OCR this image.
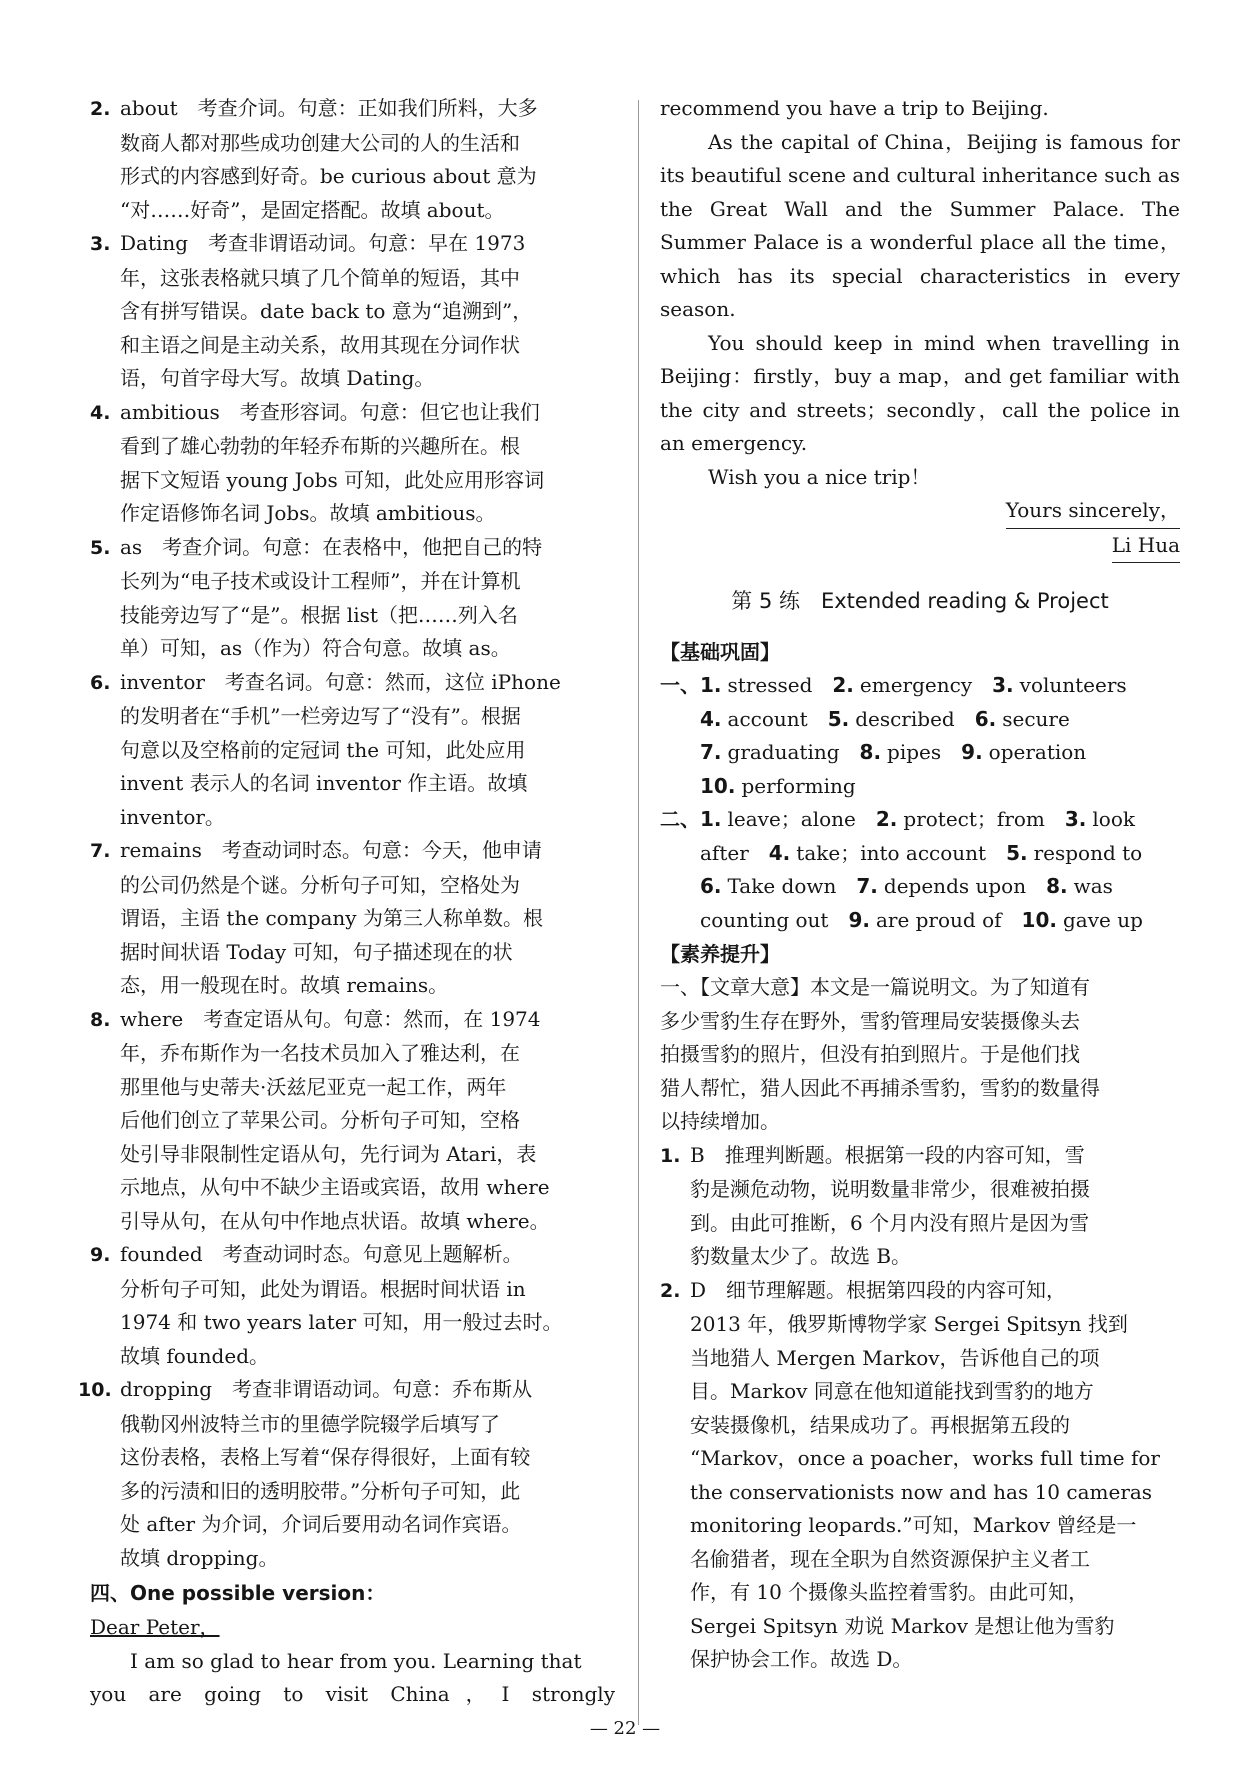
2. about　考查介词。句意：正如我们所料，大多
数商人都对那些成功创建大公司的人的生活和
形式的内容感到好奇。be curious about 意为
“对……好奇”，是固定搭配。故填 about。
3. Dating　考查非谓语动词。句意：早在 1973
年，这张表格就只填了几个简单的短语，其中
含有拼写错误。date back to 意为“追溯到”，
和主语之间是主动关系，故用其现在分词作状
语，句首字母大写。故填 Dating。
4. ambitious　考查形容词。句意：但它也让我们
看到了雄心勃勃的年轻乔布斯的兴趣所在。根
据下文短语 young Jobs 可知，此处应用形容词
作定语修饰名词 Jobs。故填 ambitious。
5. as　考查介词。句意：在表格中，他把自己的特
长列为“电子技术或设计工程师”，并在计算机
技能旁边写了“是”。根据 list（把……列入名
单）可知，as（作为）符合句意。故填 as。
6. inventor　考查名词。句意：然而，这位 iPhone
的发明者在“手机”一栏旁边写了“没有”。根据
句意以及空格前的定冠词 the 可知，此处应用
invent 表示人的名词 inventor 作主语。故填
inventor。
7. remains　考查动词时态。句意：今天，他申请
的公司仍然是个谜。分析句子可知，空格处为
谓语，主语 the company 为第三人称单数。根
据时间状语 Today 可知，句子描述现在的状
态，用一般现在时。故填 remains。
8. where　考查定语从句。句意：然而，在 1974
年，乔布斯作为一名技术员加入了雅达利，在
那里他与史蒂夫·沃兹尼亚克一起工作，两年
后他们创立了苹果公司。分析句子可知，空格
处引导非限制性定语从句，先行词为 Atari，表
示地点，从句中不缺少主语或宾语，故用 where
引导从句，在从句中作地点状语。故填 where。
9. founded　考查动词时态。句意见上题解析。
分析句子可知，此处为谓语。根据时间状语 in
1974 和 two years later 可知，用一般过去时。
故填 founded。
10. dropping　考查非谓语动词。句意：乔布斯从
俄勒冈州波特兰市的里德学院辍学后填写了
这份表格，表格上写着“保存得很好，上面有较
多的污渍和旧的透明胶带。”分析句子可知，此
处 after 为介词，介词后要用动名词作宾语。
故填 dropping。
四、One possible version：
Dear Peter，
I am so glad to hear from you. Learning that
you are going to visit China，I strongly
recommend you have a trip to Beijing.
As the capital of China，Beijing is famous for its beautiful scene and cultural inheritance such as the Great Wall and the Summer Palace. The Summer Palace is a wonderful place all the time，which has its special characteristics in every season.
You should keep in mind when travelling in Beijing：firstly，buy a map，and get familiar with the city and streets；secondly，call the police in an emergency.
Wish you a nice trip！
Yours sincerely，
Li Hua
第 5 练　Extended reading & Project
【基础巩固】
一、1. stressed 2. emergency 3. volunteers
4. account 5. described 6. secure
7. graduating 8. pipes 9. operation
10. performing
二、1. leave；alone 2. protect；from 3. look
after 4. take；into account 5. respond to
6. Take down 7. depends upon 8. was
counting out 9. are proud of 10. gave up
【素养提升】
一、【文章大意】本文是一篇说明文。为了知道有
多少雪豹生存在野外，雪豹管理局安装摄像头去
拍摄雪豹的照片，但没有拍到照片。于是他们找
猎人帮忙，猎人因此不再捕杀雪豹，雪豹的数量得
以持续增加。
1. B　推理判断题。根据第一段的内容可知，雪
豹是濒危动物，说明数量非常少，很难被拍摄
到。由此可推断，6 个月内没有照片是因为雪
豹数量太少了。故选 B。
2. D　细节理解题。根据第四段的内容可知，
2013 年，俄罗斯博物学家 Sergei Spitsyn 找到
当地猎人 Mergen Markov，告诉他自己的项
目。Markov 同意在他知道能找到雪豹的地方
安装摄像机，结果成功了。再根据第五段的
“Markov，once a poacher，works full time for
the conservationists now and has 10 cameras
monitoring leopards.”可知，Markov 曾经是一
名偷猎者，现在全职为自然资源保护主义者工
作，有 10 个摄像头监控着雪豹。由此可知，
Sergei Spitsyn 劝说 Markov 是想让他为雪豹
保护协会工作。故选 D。
— 22 —
